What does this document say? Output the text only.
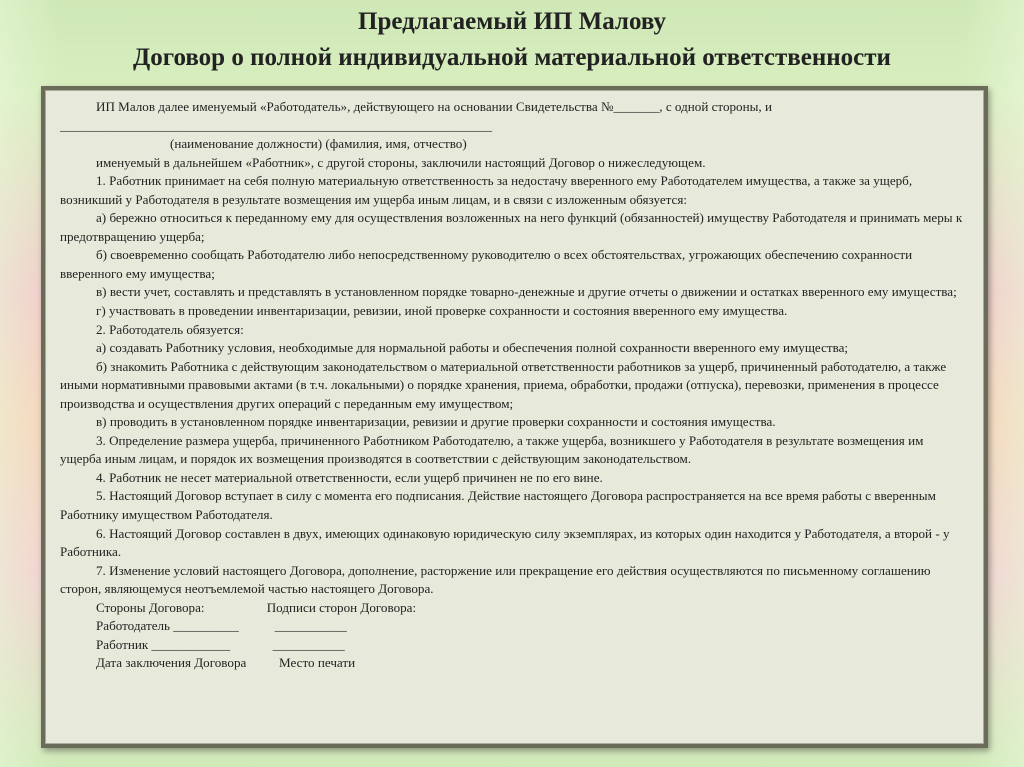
Предлагаемый ИП Малову
Договор о полной индивидуальной материальной ответственности
ИП Малов далее именуемый «Работодатель», действующего на основании Свидетельства №_______, с одной стороны, и
__________________________________________________________________
(наименование должности) (фамилия, имя, отчество)
именуемый в дальнейшем «Работник», с другой стороны, заключили настоящий Договор о нижеследующем.
1. Работник принимает на себя полную материальную ответственность за недостачу вверенного ему Работодателем имущества, а также за ущерб, возникший у Работодателя в результате возмещения им ущерба иным лицам, и в связи с изложенным обязуется:
а) бережно относиться к переданному ему для осуществления возложенных на него функций (обязанностей) имуществу Работодателя и принимать меры к предотвращению ущерба;
б) своевременно сообщать Работодателю либо непосредственному руководителю о всех обстоятельствах, угрожающих обеспечению сохранности вверенного ему имущества;
в) вести учет, составлять и представлять в установленном порядке товарно-денежные и другие отчеты о движении и остатках вверенного ему имущества;
г) участвовать в проведении инвентаризации, ревизии, иной проверке сохранности и состояния вверенного ему имущества.
2. Работодатель обязуется:
а) создавать Работнику условия, необходимые для нормальной работы и обеспечения полной сохранности вверенного ему имущества;
б) знакомить Работника с действующим законодательством о материальной ответственности работников за ущерб, причиненный работодателю, а также иными нормативными правовыми актами (в т.ч. локальными) о порядке хранения, приема, обработки, продажи (отпуска), перевозки, применения в процессе производства и осуществления других операций с переданным ему имуществом;
в) проводить в установленном порядке инвентаризации, ревизии и другие проверки сохранности и состояния имущества.
3. Определение размера ущерба, причиненного Работником Работодателю, а также ущерба, возникшего у Работодателя в результате возмещения им ущерба иным лицам, и порядок их возмещения производятся в соответствии с действующим законодательством.
4. Работник не несет материальной ответственности, если ущерб причинен не по его вине.
5. Настоящий Договор вступает в силу с момента его подписания. Действие настоящего Договора распространяется на все время работы с вверенным Работнику имуществом Работодателя.
6. Настоящий Договор составлен в двух, имеющих одинаковую юридическую силу экземплярах, из которых один находится у Работодателя, а второй - у Работника.
7. Изменение условий настоящего Договора, дополнение, расторжение или прекращение его действия осуществляются по письменному соглашению сторон, являющемуся неотъемлемой частью настоящего Договора.
Стороны Договора:                   Подписи сторон Договора:
Работодатель __________           ___________
Работник ____________             ___________
Дата заключения Договора          Место печати
